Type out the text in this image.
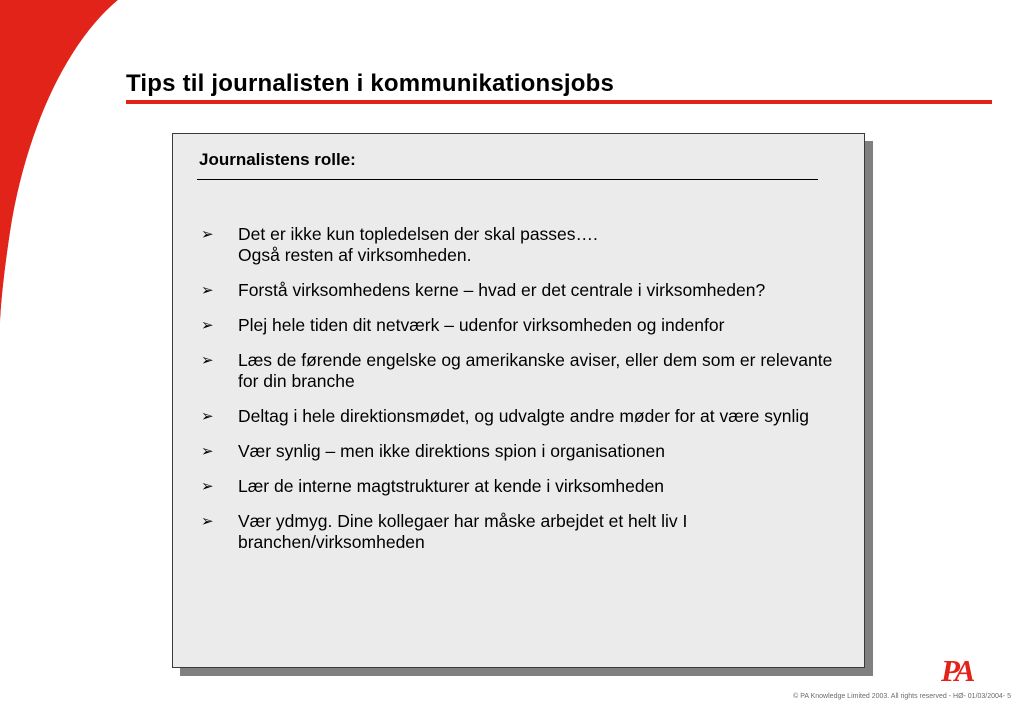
Tips til journalisten i kommunikationsjobs
Journalistens rolle:
➢ Det er ikke kun topledelsen der skal passes….
Også resten af virksomheden.
➢ Forstå virksomhedens kerne – hvad er det centrale i virksomheden?
➢ Plej hele tiden dit netværk – udenfor virksomheden og indenfor
➢ Læs de førende engelske og amerikanske aviser, eller dem som er relevante for din branche
➢ Deltag i hele direktionsmødet, og udvalgte andre møder for at være synlig
➢ Vær synlig – men ikke direktions spion i organisationen
➢ Lær de interne magtstrukturer at kende i virksomheden
➢ Vær ydmyg. Dine kollegaer har måske arbejdet et helt liv I branchen/virksomheden
PA
© PA Knowledge Limited 2003. All rights reserved - HØ- 01/03/2004- 5
